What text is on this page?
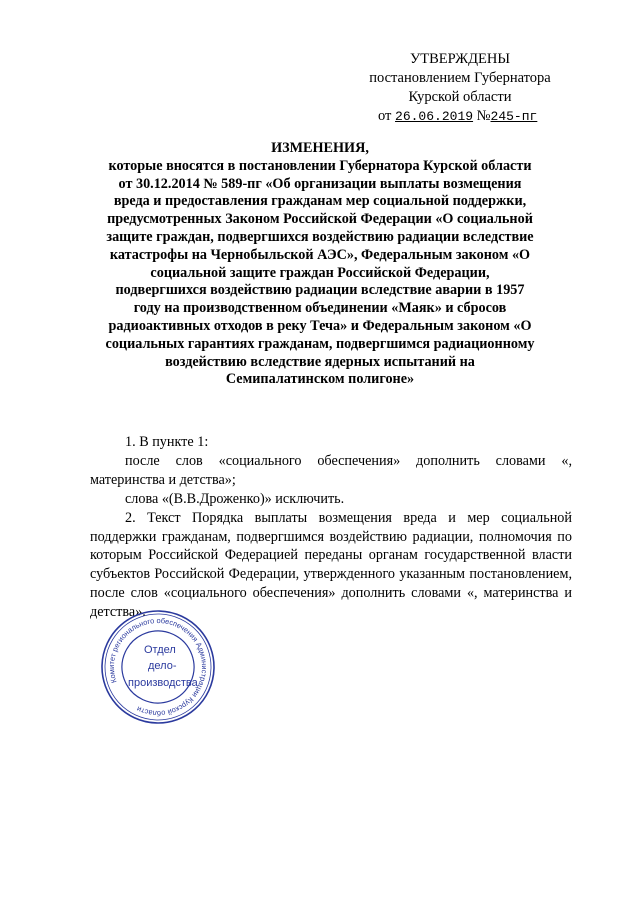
УТВЕРЖДЕНЫ
постановлением Губернатора
Курской области
от 26.06.2019 №245-пг
ИЗМЕНЕНИЯ,
которые вносятся в постановлении Губернатора Курской области от 30.12.2014 № 589-пг «Об организации выплаты возмещения вреда и предоставления гражданам мер социальной поддержки, предусмотренных Законом Российской Федерации «О социальной защите граждан, подвергшихся воздействию радиации вследствие катастрофы на Чернобыльской АЭС», Федеральным законом «О социальной защите граждан Российской Федерации, подвергшихся воздействию радиации вследствие аварии в 1957 году на производственном объединении «Маяк» и сбросов радиоактивных отходов в реку Теча» и Федеральным законом «О социальных гарантиях гражданам, подвергшимся радиационному воздействию вследствие ядерных испытаний на Семипалатинском полигоне»

1. В пункте 1:

после слов «социального обеспечения» дополнить словами «, материнства и детства»;

слова «(В.В.Дроженко)» исключить.

2. Текст Порядка выплаты возмещения вреда и мер социальной поддержки гражданам, подвергшимся воздействию радиации, полномочия по которым Российской Федерацией переданы органам государственной власти субъектов Российской Федерации, утвержденного указанным постановлением, после слов «социального обеспечения» дополнить словами «, материнства и детства».

Комитет регионального обеспечения Администрации Курской области
Отдел
дело-
производства
